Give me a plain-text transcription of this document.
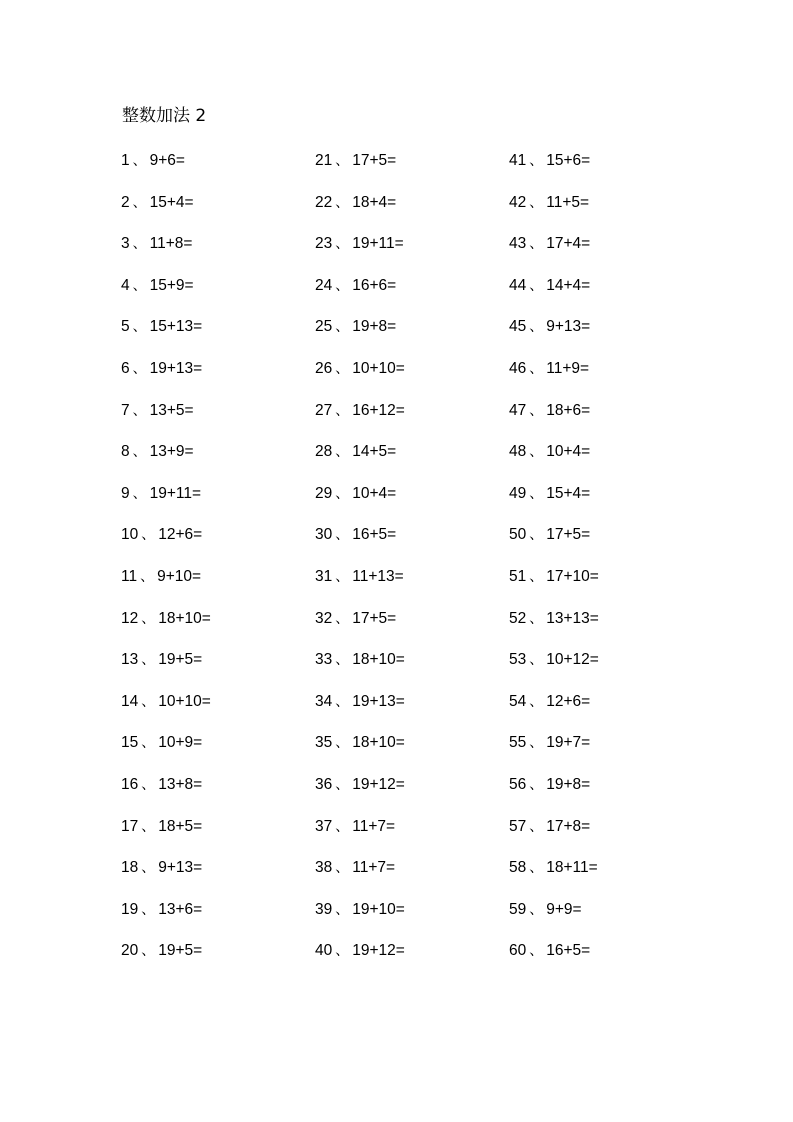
整数加法 2
1 、 9+6=
2 、 15+4=
3 、 11+8=
4 、 15+9=
5 、 15+13=
6 、 19+13=
7 、 13+5=
8 、 13+9=
9 、 19+11=
10 、 12+6=
11 、 9+10=
12 、 18+10=
13 、 19+5=
14 、 10+10=
15 、 10+9=
16 、 13+8=
17 、 18+5=
18 、 9+13=
19 、 13+6=
20 、 19+5=
21 、 17+5=
22 、 18+4=
23 、 19+11=
24 、 16+6=
25 、 19+8=
26 、 10+10=
27 、 16+12=
28 、 14+5=
29 、 10+4=
30 、 16+5=
31 、 11+13=
32 、 17+5=
33 、 18+10=
34 、 19+13=
35 、 18+10=
36 、 19+12=
37 、 11+7=
38 、 11+7=
39 、 19+10=
40 、 19+12=
41 、 15+6=
42 、 11+5=
43 、 17+4=
44 、 14+4=
45 、 9+13=
46 、 11+9=
47 、 18+6=
48 、 10+4=
49 、 15+4=
50 、 17+5=
51 、 17+10=
52 、 13+13=
53 、 10+12=
54 、 12+6=
55 、 19+7=
56 、 19+8=
57 、 17+8=
58 、 18+11=
59 、 9+9=
60 、 16+5=
